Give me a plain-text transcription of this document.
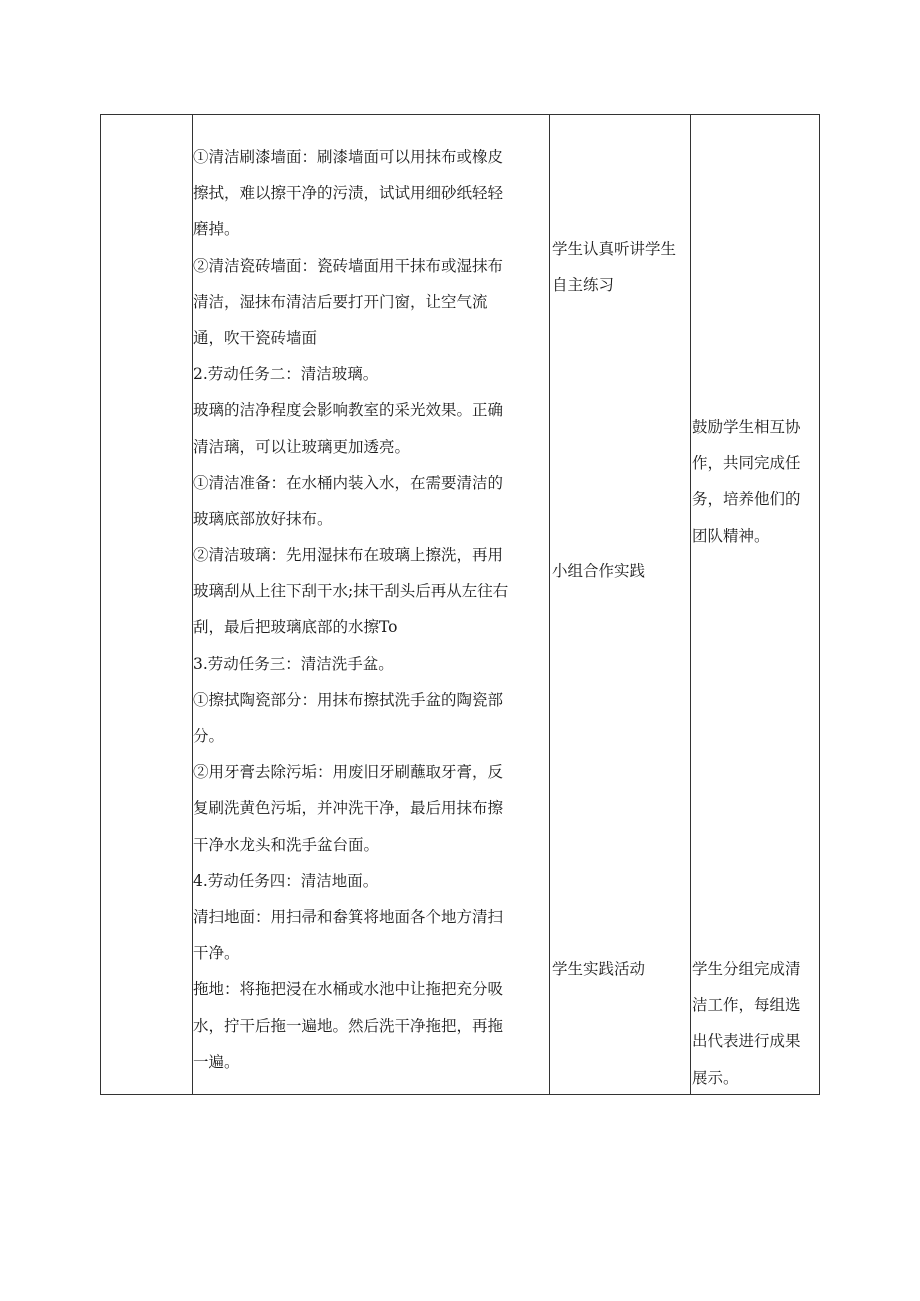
①清洁刷漆墙面：刷漆墙面可以用抹布或橡皮
擦拭，难以擦干净的污渍，试试用细砂纸轻轻
磨掉。
②清洁瓷砖墙面：瓷砖墙面用干抹布或湿抹布
清洁，湿抹布清洁后要打开门窗，让空气流
通，吹干瓷砖墙面
2.劳动任务二：清洁玻璃。
玻璃的洁净程度会影响教室的采光效果。正确
清洁璃，可以让玻璃更加透亮。
①清洁准备：在水桶内装入水，在需要清洁的
玻璃底部放好抹布。
②清洁玻璃：先用湿抹布在玻璃上擦洗，再用
玻璃刮从上往下刮干水;抹干刮头后再从左往右
刮，最后把玻璃底部的水擦To
3.劳动任务三：清洁洗手盆。
①擦拭陶瓷部分：用抹布擦拭洗手盆的陶瓷部
分。
②用牙膏去除污垢：用废旧牙刷蘸取牙膏，反
复刷洗黄色污垢，并冲洗干净，最后用抹布擦
干净水龙头和洗手盆台面。
4.劳动任务四：清洁地面。
清扫地面：用扫帚和畚箕将地面各个地方清扫
干净。
拖地：将拖把浸在水桶或水池中让拖把充分吸
水，拧干后拖一遍地。然后洗干净拖把，再拖
一遍。
学生认真听讲学生
自主练习
小组合作实践
学生实践活动
鼓励学生相互协
作，共同完成任
务，培养他们的
团队精神。
学生分组完成清
洁工作，每组选
出代表进行成果
展示。
